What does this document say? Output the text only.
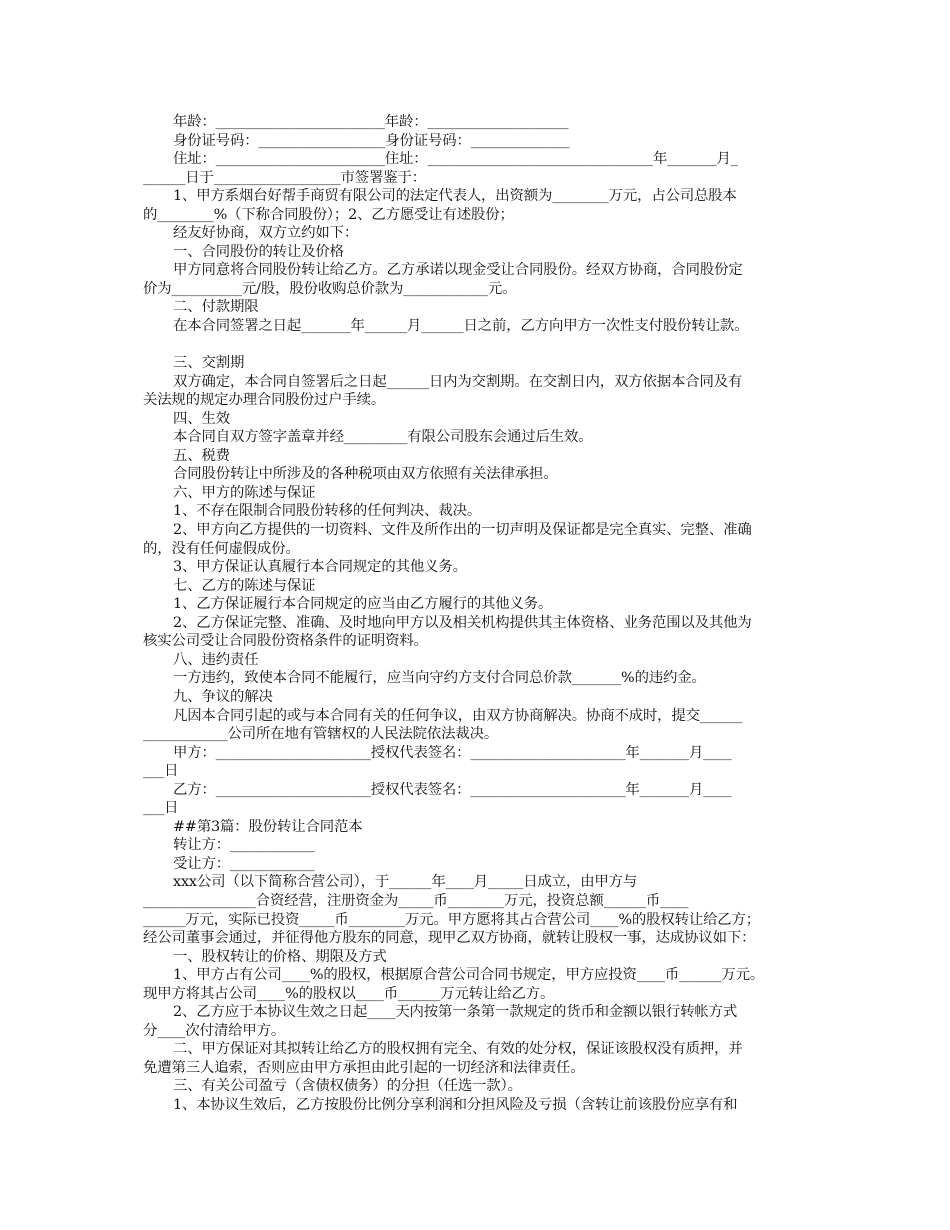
年龄：________________________年龄：____________________
身份证号码：__________________身份证号码：______________
住址：________________________住址：________________________________年_______月_
______日于__________________市签署鉴于：
1、甲方系烟台好帮手商贸有限公司的法定代表人，出资额为________万元，占公司总股本
的________%（下称合同股份）；2、乙方愿受让有述股份；
经友好协商，双方立约如下：
一、合同股份的转让及价格
甲方同意将合同股份转让给乙方。乙方承诺以现金受让合同股份。经双方协商，合同股份定
价为__________元/股，股份收购总价款为____________元。
二、付款期限
在本合同签署之日起_______年______月______日之前，乙方向甲方一次性支付股份转让款。
三、交割期
双方确定，本合同自签署后之日起______日内为交割期。在交割日内，双方依据本合同及有
关法规的规定办理合同股份过户手续。
四、生效
本合同自双方签字盖章并经_________有限公司股东会通过后生效。
五、税费
合同股份转让中所涉及的各种税项由双方依照有关法律承担。
六、甲方的陈述与保证
1、不存在限制合同股份转移的任何判决、裁决。
2、甲方向乙方提供的一切资料、文件及所作出的一切声明及保证都是完全真实、完整、准确
的，没有任何虚假成份。
3、甲方保证认真履行本合同规定的其他义务。
七、乙方的陈述与保证
1、乙方保证履行本合同规定的应当由乙方履行的其他义务。
2、乙方保证完整、准确、及时地向甲方以及相关机构提供其主体资格、业务范围以及其他为
核实公司受让合同股份资格条件的证明资料。
八、违约责任
一方违约，致使本合同不能履行，应当向守约方支付合同总价款_______%的违约金。
九、争议的解决
凡因本合同引起的或与本合同有关的任何争议，由双方协商解决。协商不成时，提交______
____________公司所在地有管辖权的人民法院依法裁决。
甲方：______________________授权代表签名：______________________年_______月____
___日
乙方：______________________授权代表签名：______________________年_______月____
___日
##第3篇：股份转让合同范本
转让方：____________
受让方：____________
xxx公司（以下简称合营公司），于______年____月_____日成立，由甲方与
________________合资经营，注册资金为_____币________万元，投资总额______币____
______万元，实际已投资_____币________万元。甲方愿将其占合营公司____%的股权转让给乙方；
经公司董事会通过，并征得他方股东的同意，现甲乙双方协商，就转让股权一事，达成协议如下：
一、股权转让的价格、期限及方式
1、甲方占有公司____%的股权，根据原合营公司合同书规定，甲方应投资____币______万元。
现甲方将其占公司____%的股权以____币______万元转让给乙方。
2、乙方应于本协议生效之日起____天内按第一条第一款规定的货币和金额以银行转帐方式
分____次付清给甲方。
二、甲方保证对其拟转让给乙方的股权拥有完全、有效的处分权，保证该股权没有质押，并
免遭第三人追索，否则应由甲方承担由此引起的一切经济和法律责任。
三、有关公司盈亏（含债权债务）的分担（任选一款）。
1、本协议生效后，乙方按股份比例分享利润和分担风险及亏损（含转让前该股份应享有和
